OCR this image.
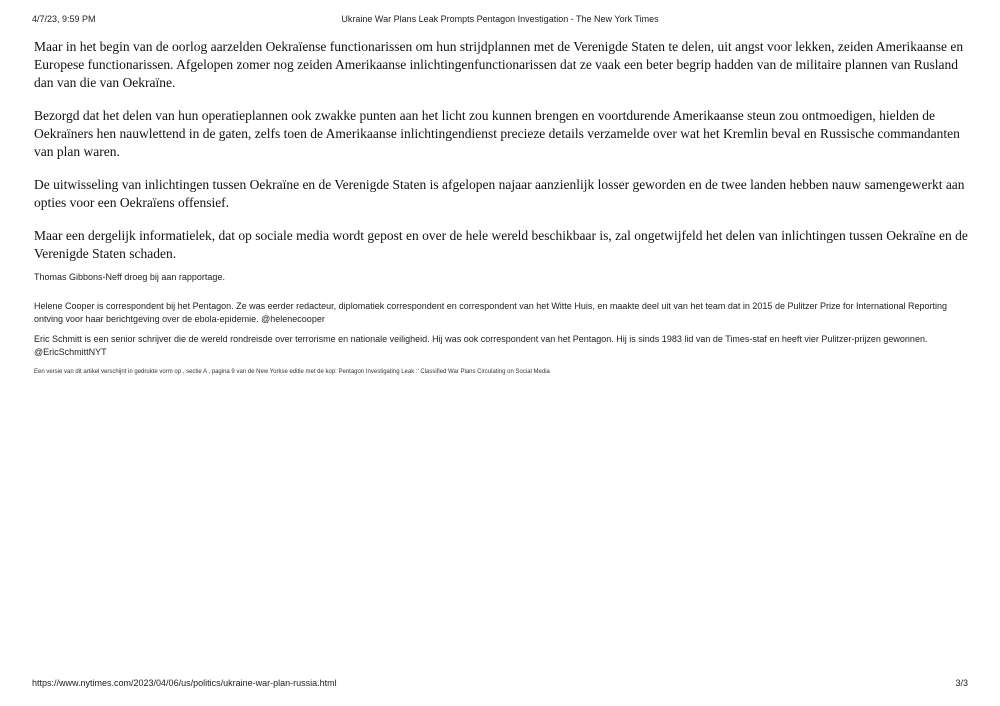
4/7/23, 9:59 PM	Ukraine War Plans Leak Prompts Pentagon Investigation - The New York Times

Maar in het begin van de oorlog aarzelden Oekraïense functionarissen om hun strijdplannen met de Verenigde Staten te delen, uit angst voor lekken, zeiden Amerikaanse en Europese functionarissen. Afgelopen zomer nog zeiden Amerikaanse inlichtingenfunctionarissen dat ze vaak een beter begrip hadden van de militaire plannen van Rusland dan van die van Oekraïne.

Bezorgd dat het delen van hun operatieplannen ook zwakke punten aan het licht zou kunnen brengen en voortdurende Amerikaanse steun zou ontmoedigen, hielden de Oekraïners hen nauwlettend in de gaten, zelfs toen de Amerikaanse inlichtingendienst precieze details verzamelde over wat het Kremlin beval en Russische commandanten van plan waren.

De uitwisseling van inlichtingen tussen Oekraïne en de Verenigde Staten is afgelopen najaar aanzienlijk losser geworden en de twee landen hebben nauw samengewerkt aan opties voor een Oekraïens offensief.

Maar een dergelijk informatielek, dat op sociale media wordt gepost en over de hele wereld beschikbaar is, zal ongetwijfeld het delen van inlichtingen tussen Oekraïne en de Verenigde Staten schaden.

Thomas Gibbons-Neff droeg bij aan rapportage.

Helene Cooper is correspondent bij het Pentagon. Ze was eerder redacteur, diplomatiek correspondent en correspondent van het Witte Huis, en maakte deel uit van het team dat in 2015 de Pulitzer Prize for International Reporting ontving voor haar berichtgeving over de ebola-epidemie. @helenecooper

Eric Schmitt is een senior schrijver die de wereld rondreisde over terrorisme en nationale veiligheid. Hij was ook correspondent van het Pentagon. Hij is sinds 1983 lid van de Times-staf en heeft vier Pulitzer-prijzen gewonnen. @EricSchmittNYT

Een versie van dit artikel verschijnt in gedrukte vorm op , sectie A , pagina 9 van de New Yorkse editie met de kop: Pentagon Investigating Leak :' Classified War Plans Circulating on Social Media

https://www.nytimes.com/2023/04/06/us/politics/ukraine-war-plan-russia.html	3/3
